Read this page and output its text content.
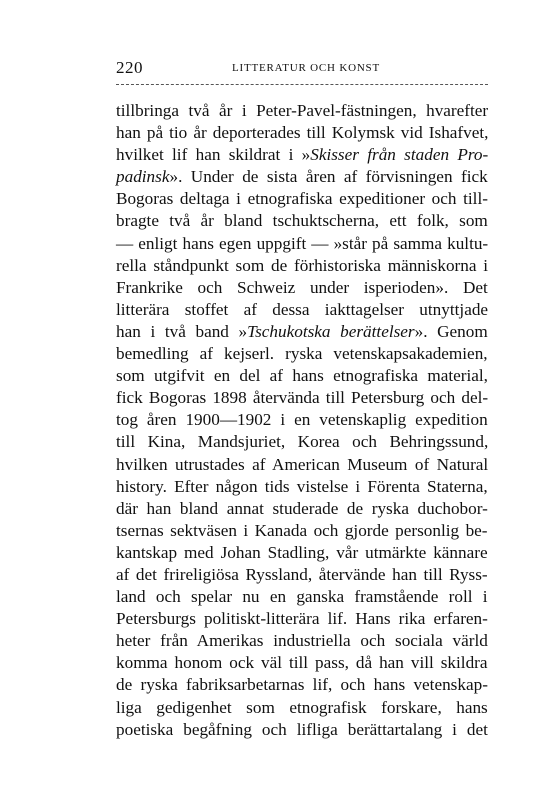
220	LITTERATUR OCH KONST
tillbringa två år i Peter-Pavel-fästningen, hvarefter
han på tio år deporterades till Kolymsk vid Ishafvet,
hvilket lif han skildrat i »Skisser från staden Pro-
padinsk». Under de sista åren af förvisningen fick
Bogoras deltaga i etnografiska expeditioner och till-
bragte två år bland tschuktscherna, ett folk, som
— enligt hans egen uppgift — »står på samma kultu-
rella ståndpunkt som de förhistoriska människorna i
Frankrike och Schweiz under isperioden». Det
litterära stoffet af dessa iakttagelser utnyttjade
han i två band »Tschukotska berättelser». Genom
bemedling af kejserl. ryska vetenskapsakademien,
som utgifvit en del af hans etnografiska material,
fick Bogoras 1898 återvända till Petersburg och del-
tog åren 1900—1902 i en vetenskaplig expedition
till Kina, Mandsjuriet, Korea och Behringssund,
hvilken utrustades af American Museum of Natural
history. Efter någon tids vistelse i Förenta Staterna,
där han bland annat studerade de ryska duchobor-
tsernas sektväsen i Kanada och gjorde personlig be-
kantskap med Johan Stadling, vår utmärkte kännare
af det frireligiösa Ryssland, återvände han till Ryss-
land och spelar nu en ganska framstående roll i
Petersburgs politiskt-litterära lif. Hans rika erfaren-
heter från Amerikas industriella och sociala värld
komma honom ock väl till pass, då han vill skildra
de ryska fabriksarbetarnas lif, och hans vetenskap-
liga gedigenhet som etnografisk forskare, hans
poetiska begåfning och lifliga berättartalang i det
